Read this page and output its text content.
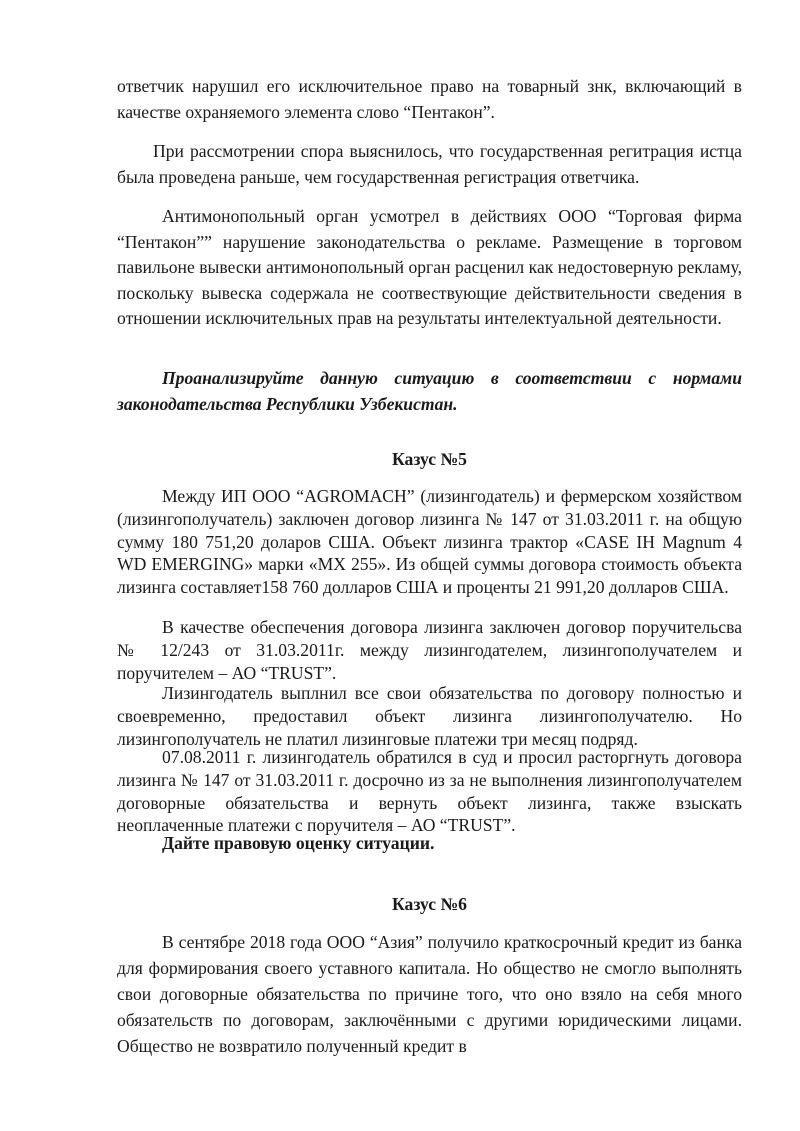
ответчик нарушил его исключительное право на товарный знк, включающий в качестве охраняемого элемента слово “Пентакон”.

При рассмотрении спора выяснилось, что государственная регитрация истца была проведена раньше, чем государственная регистрация ответчика.

Антимонопольный орган усмотрел в действиях ООО “Торговая фирма “Пентакон”” нарушение законодательства о рекламе. Размещение в торговом павильоне вывески антимонопольный орган расценил как недостоверную рекламу, поскольку вывеска содержала не соотвествующие действительности сведения в отношении исключительных прав на результаты интелектуальной деятельности.

Проанализируйте данную ситуацию в соответствии с нормами законодательства Республики Узбекистан.

Казус №5

Между ИП ООО “AGROMACH” (лизингодатель) и фермерском хозяйством (лизингополучатель) заключен договор лизинга № 147 от 31.03.2011 г. на общую сумму 180 751,20 доларов США. Объект лизинга трактор «CASE IH Magnum 4 WD EMERGING» марки «МХ 255». Из общей суммы договора стоимость объекта лизинга составляет158 760 долларов США и проценты 21 991,20 долларов США.

В качестве обеспечения договора лизинга заключен договор поручительсва № 12/243 от 31.03.2011г. между лизингодателем, лизингополучателем и поручителем – АО “TRUST”.

Лизингодатель выплнил все свои обязательства по договору полностью и своевременно, предоставил объект лизинга лизингополучателю. Но лизингополучатель не платил лизинговые платежи три месяц подряд.

07.08.2011 г. лизингодатель обратился в суд и просил расторгнуть договора лизинга № 147 от 31.03.2011 г. досрочно из за не выполнения лизингополучателем договорные обязательства и вернуть объект лизинга, также взыскать неоплаченные платежи с поручителя – АО “TRUST”.

Дайте правовую оценку ситуации.

Казус №6

В сентябре 2018 года ООО “Азия” получило краткосрочный кредит из банка для формирования своего уставного капитала. Но общество не смогло выполнять свои договорные обязательства по причине того, что оно взяло на себя много обязательств по договорам, заключёнными с другими юридическими лицами. Общество не возвратило полученный кредит в
